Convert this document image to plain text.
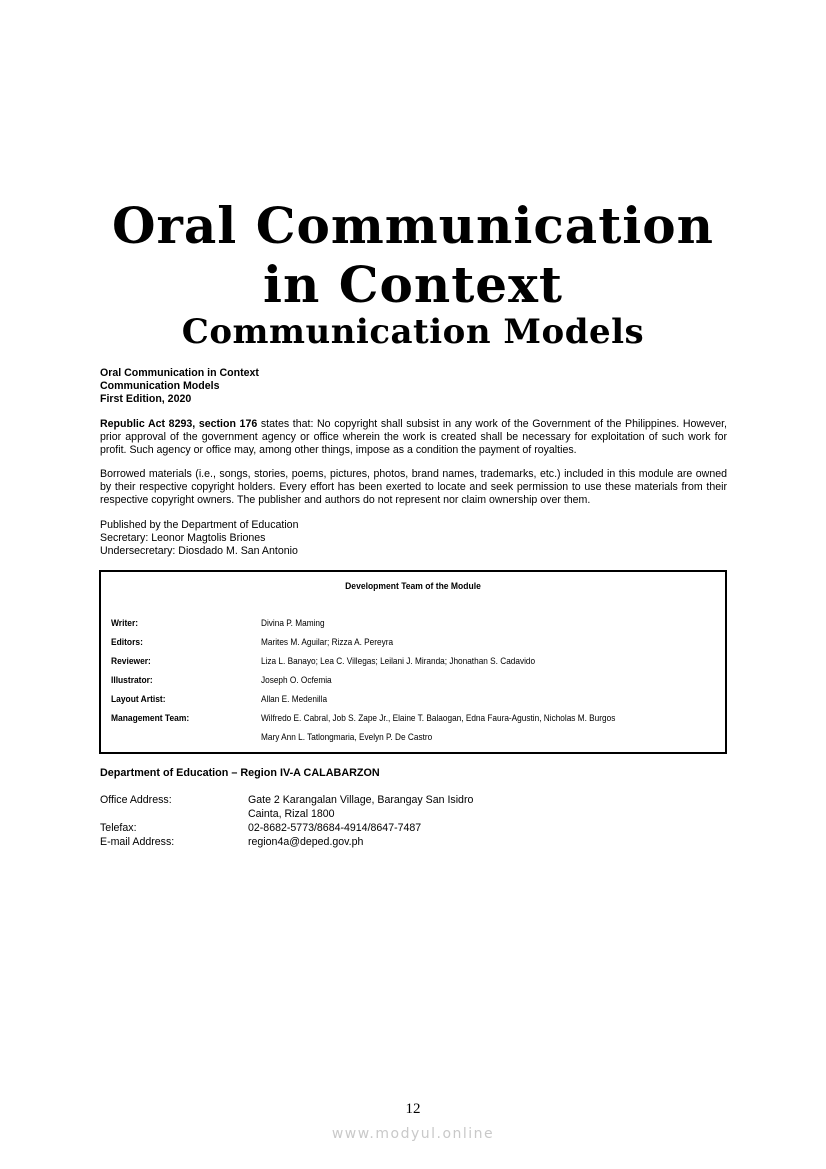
Oral Communication
in Context
Communication Models
Oral Communication in Context
Communication Models
First Edition, 2020

Republic Act 8293, section 176 states that: No copyright shall subsist in any work of the Government of the Philippines. However, prior approval of the government agency or office wherein the work is created shall be necessary for exploitation of such work for profit. Such agency or office may, among other things, impose as a condition the payment of royalties.

Borrowed materials (i.e., songs, stories, poems, pictures, photos, brand names, trademarks, etc.) included in this module are owned by their respective copyright holders. Every effort has been exerted to locate and seek permission to use these materials from their respective copyright owners. The publisher and authors do not represent nor claim ownership over them.

Published by the Department of Education
Secretary: Leonor Magtolis Briones
Undersecretary: Diosdado M. San Antonio
Development Team of the Module
Writer:	Divina P. Maming
Editors:	Marites M. Aguilar; Rizza A. Pereyra
Reviewer:	Liza L. Banayo; Lea C. Villegas; Leilani J. Miranda; Jhonathan S. Cadavido
Illustrator:	Joseph O. Ocfemia
Layout Artist:	Allan E. Medenilla
Management Team:	Wilfredo E. Cabral, Job S. Zape Jr., Elaine T. Balaogan, Edna Faura-Agustin, Nicholas M. Burgos
Mary Ann L. Tatlongmaria, Evelyn P. De Castro
Department of Education – Region IV-A CALABARZON
Office Address:	Gate 2 Karangalan Village, Barangay San Isidro
Cainta, Rizal 1800
Telefax:	02-8682-5773/8684-4914/8647-7487
E-mail Address:	region4a@deped.gov.ph
12
www.modyul.online
